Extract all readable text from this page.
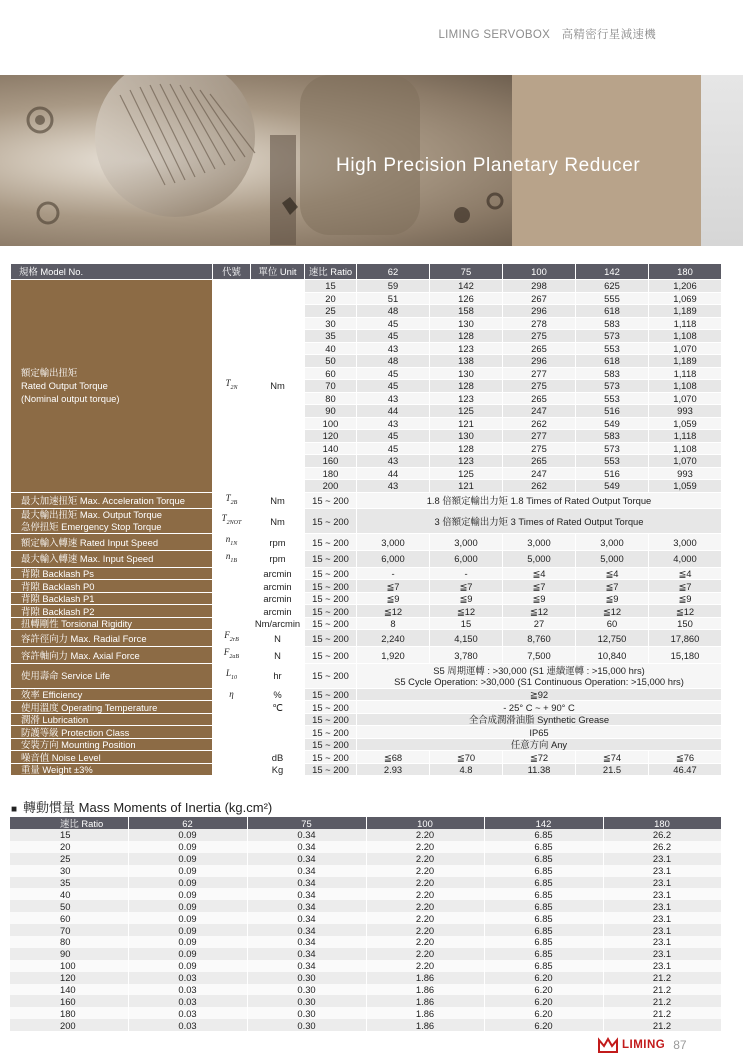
LIMING SERVOBOX 高精密行星減速機
High Precision Planetary Reducer
規格 Model No.	代號	單位 Unit	速比 Ratio	62	75	100	142	180

額定輸出扭矩
Rated Output Torque
(Nominal output torque)	$T_{2N}$	Nm	15	59	142	298	625	1,206
			20	51	126	267	555	1,069
			25	48	158	296	618	1,189
			30	45	130	278	583	1,118
			35	45	128	275	573	1,108
			40	43	123	265	553	1,070
			50	48	138	296	618	1,189
			60	45	130	277	583	1,118
			70	45	128	275	573	1,108
			80	43	123	265	553	1,070
			90	44	125	247	516	993
			100	43	121	262	549	1,059
			120	45	130	277	583	1,118
			140	45	128	275	573	1,108
			160	43	123	265	553	1,070
			180	44	125	247	516	993
			200	43	121	262	549	1,059
最大加速扭矩 Max. Acceleration Torque	$T_{2B}$	Nm	15 ~ 200	1.8 倍額定輸出力矩 1.8 Times of Rated Output Torque				

最大輸出扭矩 Max. Output Torque
急停扭矩 Emergency Stop Torque	$T_{2NOT}$	Nm	15 ~ 200	3 倍額定輸出力矩 3 Times of Rated Output Torque				
額定輸入轉速 Rated Input Speed	$n_{1N}$	rpm	15 ~ 200	3,000	3,000	3,000	3,000	3,000
最大輸入轉速 Max. Input Speed	$n_{1B}$	rpm	15 ~ 200	6,000	6,000	5,000	5,000	4,000
背隙 Backlash Ps		arcmin	15 ~ 200	-	-	≦4	≦4	≦4
背隙 Backlash P0		arcmin	15 ~ 200	≦7	≦7	≦7	≦7	≦7
背隙 Backlash P1		arcmin	15 ~ 200	≦9	≦9	≦9	≦9	≦9
背隙 Backlash P2		arcmin	15 ~ 200	≦12	≦12	≦12	≦12	≦12
扭轉剛性 Torsional Rigidity		Nm/arcmin	15 ~ 200	8	15	27	60	150
容許徑向力 Max. Radial Force	$F_{2rB}$	N	15 ~ 200	2,240	4,150	8,760	12,750	17,860
容許軸向力 Max. Axial Force	$F_{2aB}$	N	15 ~ 200	1,920	3,780	7,500	10,840	15,180
使用壽命 Service Life	$L_{10}$	hr	15 ~ 200	S5 周期運轉 : >30,000 (S1 連續運轉 : >15,000 hrs)
S5 Cycle Operation: >30,000 (S1 Continuous Operation: >15,000 hrs)				

效率 Efficiency	η	%	15 ~ 200	≧92				
使用溫度 Operating Temperature		℃	15 ~ 200	- 25° C ~ + 90° C				
潤滑 Lubrication			15 ~ 200	全合成潤滑油脂 Synthetic Grease				
防護等級 Protection Class			15 ~ 200	IP65				
安裝方向 Mounting Position			15 ~ 200	任意方向 Any				
噪音值 Noise Level		dB	15 ~ 200	≦68	≦70	≦72	≦74	≦76
重量 Weight ±3%		Kg	15 ~ 200	2.93	4.8	11.38	21.5	46.47
■ 轉動慣量 Mass Moments of Inertia (kg.cm²)
速比 Ratio	62	75	100	142	180
15	0.09	0.34	2.20	6.85	26.2
20	0.09	0.34	2.20	6.85	26.2
25	0.09	0.34	2.20	6.85	23.1
30	0.09	0.34	2.20	6.85	23.1
35	0.09	0.34	2.20	6.85	23.1
40	0.09	0.34	2.20	6.85	23.1
50	0.09	0.34	2.20	6.85	23.1
60	0.09	0.34	2.20	6.85	23.1
70	0.09	0.34	2.20	6.85	23.1
80	0.09	0.34	2.20	6.85	23.1
90	0.09	0.34	2.20	6.85	23.1
100	0.09	0.34	2.20	6.85	23.1
120	0.03	0.30	1.86	6.20	21.2
140	0.03	0.30	1.86	6.20	21.2
160	0.03	0.30	1.86	6.20	21.2
180	0.03	0.30	1.86	6.20	21.2
200	0.03	0.30	1.86	6.20	21.2
LIMING 87
